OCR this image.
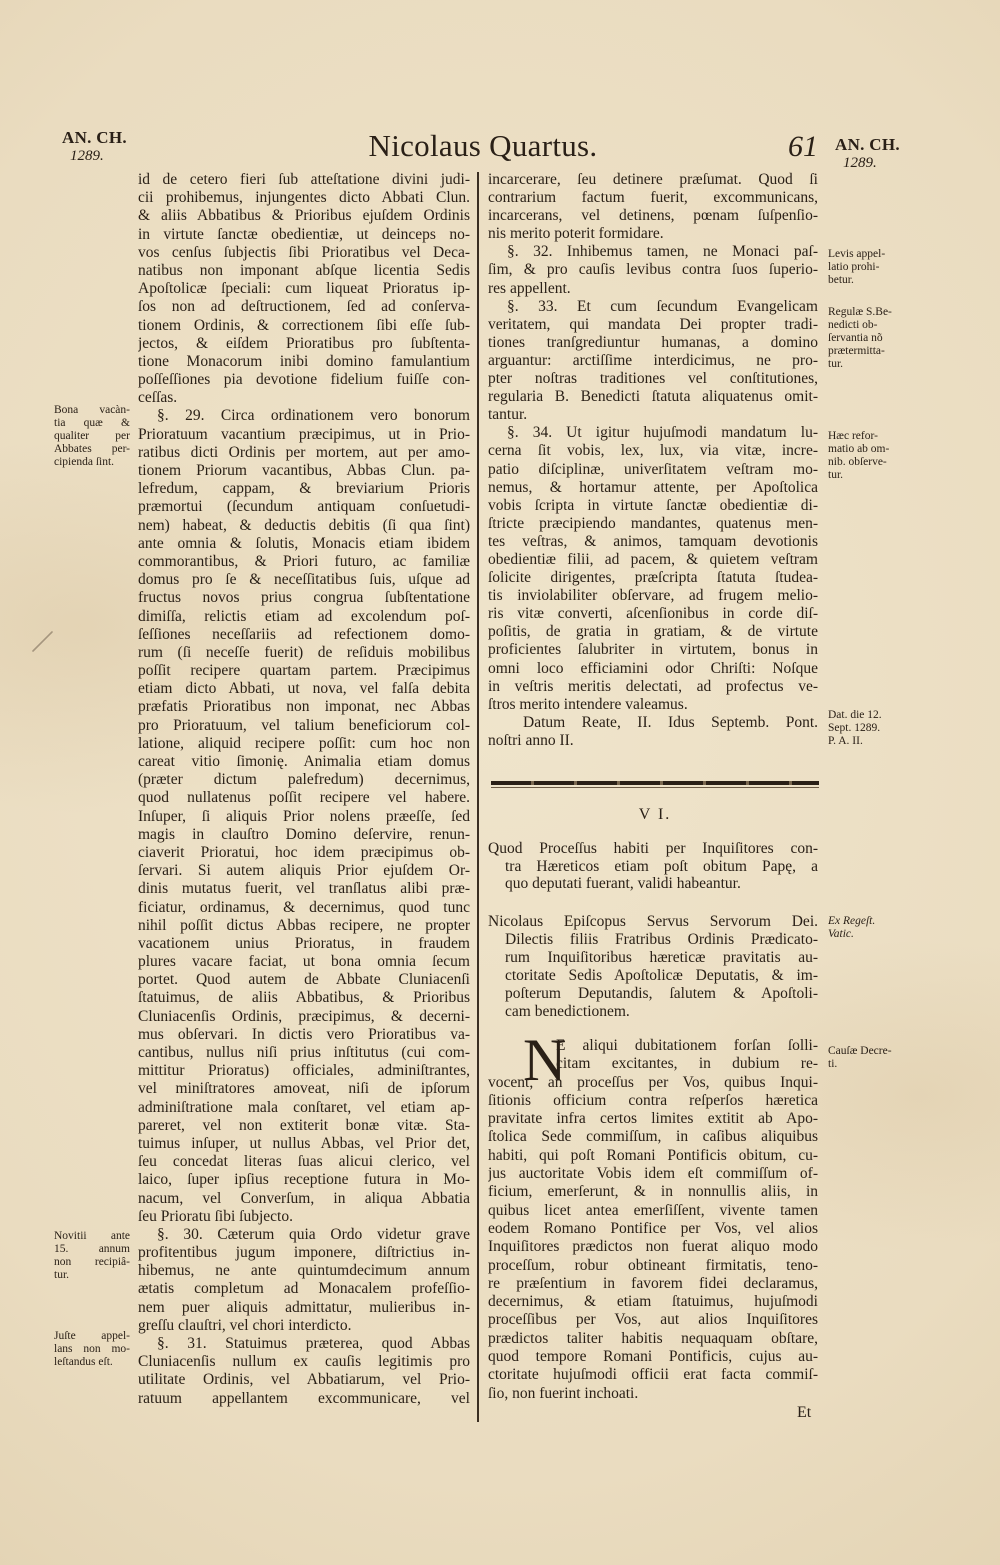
AN. CH.
1289.	Nicolaus Quartus.	61 AN. CH.
1289.
id de cetero fieri ſub atteſtatione divini judi-
cii prohibemus, injungentes dicto Abbati Clun.
& aliis Abbatibus & Prioribus ejuſdem Ordinis
in virtute ſanctæ obedientiæ, ut deinceps no-
vos cenſus ſubjectis ſibi Prioratibus vel Deca-
natibus non imponant abſque licentia Sedis
Apoſtolicæ ſpeciali: cum liqueat Prioratus ip-
ſos non ad deſtructionem, ſed ad conſerva-
tionem Ordinis, & correctionem ſibi eſſe ſub-
jectos, & eiſdem Prioratibus pro ſubſtenta-
tione Monacorum inibi domino famulantium
poſſeſſiones pia devotione fidelium fuiſſe con-
ceſſas.
§. 29. Circa ordinationem vero bonorum
Prioratuum vacantium præcipimus, ut in Prio-
ratibus dicti Ordinis per mortem, aut per amo-
tionem Priorum vacantibus, Abbas Clun. pa-
lefredum, cappam, & breviarium Prioris
præmortui (ſecundum antiquam conſuetudi-
nem) habeat, & deductis debitis (ſi qua ſint)
ante omnia & ſolutis, Monacis etiam ibidem
commorantibus, & Priori futuro, ac familiæ
domus pro ſe & neceſſitatibus ſuis, uſque ad
fructus novos prius congrua ſubſtentatione
dimiſſa, relictis etiam ad excolendum poſ-
ſeſſiones neceſſariis ad refectionem domo-
rum (ſi neceſſe fuerit) de reſiduis mobilibus
poſſit recipere quartam partem. Præcipimus
etiam dicto Abbati, ut nova, vel falſa debita
præfatis Prioratibus non imponat, nec Abbas
pro Prioratuum, vel talium beneficiorum col-
latione, aliquid recipere poſſit: cum hoc non
careat vitio ſimonię. Animalia etiam domus
(præter dictum palefredum) decernimus,
quod nullatenus poſſit recipere vel habere.
Inſuper, ſi aliquis Prior nolens præeſſe, ſed
magis in clauſtro Domino deſervire, renun-
ciaverit Prioratui, hoc idem præcipimus ob-
ſervari. Si autem aliquis Prior ejuſdem Or-
dinis mutatus fuerit, vel tranſlatus alibi præ-
ficiatur, ordinamus, & decernimus, quod tunc
nihil poſſit dictus Abbas recipere, ne propter
vacationem unius Prioratus, in fraudem
plures vacare faciat, ut bona omnia ſecum
portet. Quod autem de Abbate Cluniacenſi
ſtatuimus, de aliis Abbatibus, & Prioribus
Cluniacenſis Ordinis, præcipimus, & decerni-
mus obſervari. In dictis vero Prioratibus va-
cantibus, nullus niſi prius inſtitutus (cui com-
mittitur Prioratus) officiales, adminiſtrantes,
vel miniſtratores amoveat, niſi de ipſorum
adminiſtratione mala conſtaret, vel etiam ap-
pareret, vel non extiterit bonæ vitæ. Sta-
tuimus inſuper, ut nullus Abbas, vel Prior det,
ſeu concedat literas ſuas alicui clerico, vel
laico, ſuper ipſius receptione futura in Mo-
nacum, vel Converſum, in aliqua Abbatia
ſeu Prioratu ſibi ſubjecto.
§. 30. Cæterum quia Ordo videtur grave
profitentibus jugum imponere, diſtrictius in-
hibemus, ne ante quintumdecimum annum
ætatis completum ad Monacalem profeſſio-
nem puer aliquis admittatur, mulieribus in-
greſſu clauſtri, vel chori interdicto.
§. 31. Statuimus præterea, quod Abbas
Cluniacenſis nullum ex cauſis legitimis pro
utilitate Ordinis, vel Abbatiarum, vel Prio-
ratuum appellantem excommunicare, vel
incarcerare, ſeu detinere præſumat. Quod ſi
contrarium factum fuerit, excommunicans,
incarcerans, vel detinens, pœnam ſuſpenſio-
nis merito poterit formidare.
§. 32. Inhibemus tamen, ne Monaci paſ-
ſim, & pro cauſis levibus contra ſuos ſuperio-
res appellent.
§. 33. Et cum ſecundum Evangelicam
veritatem, qui mandata Dei propter tradi-
tiones tranſgrediuntur humanas, a domino
arguantur: arctiſſime interdicimus, ne pro-
pter noſtras traditiones vel conſtitutiones,
regularia B. Benedicti ſtatuta aliquatenus omit-
tantur.
§. 34. Ut igitur hujuſmodi mandatum lu-
cerna ſit vobis, lex, lux, via vitæ, incre-
patio diſciplinæ, univerſitatem veſtram mo-
nemus, & hortamur attente, per Apoſtolica
vobis ſcripta in virtute ſanctæ obedientiæ di-
ſtricte præcipiendo mandantes, quatenus men-
tes veſtras, & animos, tamquam devotionis
obedientiæ filii, ad pacem, & quietem veſtram
ſolicite dirigentes, præſcripta ſtatuta ſtudea-
tis inviolabiliter obſervare, ad frugem melio-
ris vitæ converti, aſcenſionibus in corde diſ-
poſitis, de gratia in gratiam, & de virtute
proficientes ſalubriter in virtutem, bonus in
omni loco efficiamini odor Chriſti: Noſque
in veſtris meritis delectati, ad profectus ve-
ſtros merito intendere valeamus.
Datum Reate, II. Idus Septemb. Pont.
noſtri anno II.
V I.
Quod Proceſſus habiti per Inquiſitores con-
tra Hæreticos etiam poſt obitum Papę, a
quo deputati fuerant, validi habeantur.
Nicolaus Epiſcopus Servus Servorum Dei.
Dilectis filiis Fratribus Ordinis Prædicato-
rum Inquiſitoribus hæreticæ pravitatis au-
ctoritate Sedis Apoſtolicæ Deputatis, & im-
poſterum Deputandis, ſalutem & Apoſtoli-
cam benedictionem.
N
E aliqui dubitationem forſan ſolli-
citam excitantes, in dubium re-
vocent, an proceſſus per Vos, quibus Inqui-
ſitionis officium contra reſperſos hæretica
pravitate infra certos limites extitit ab Apo-
ſtolica Sede commiſſum, in caſibus aliquibus
habiti, qui poſt Romani Pontificis obitum, cu-
jus auctoritate Vobis idem eſt commiſſum of-
ficium, emerſerunt, & in nonnullis aliis, in
quibus licet antea emerſiſſent, vivente tamen
eodem Romano Pontifice per Vos, vel alios
Inquiſitores prædictos non fuerat aliquo modo
proceſſum, robur obtineant firmitatis, teno-
re præſentium in favorem fidei declaramus,
decernimus, & etiam ſtatuimus, hujuſmodi
proceſſibus per Vos, aut alios Inquiſitores
prædictos taliter habitis nequaquam obſtare,
quod tempore Romani Pontificis, cujus au-
ctoritate hujuſmodi officii erat facta commiſ-
ſio, non fuerint inchoati.
Et
Bona vacàn-
tia quæ &
qualiter per
Abbates per-
cipienda ſint.
Novitii ante
15. annum
non recipiâ-
tur.
Juſte appel-
lans non mo-
leſtandus eſt.
Levis appel-
latio prohi-
betur.
Regulæ S.Be-
nedicti ob-
ſervantia nõ
prætermitta-
tur.
Hæc refor-
matio ab om-
nib. obſerve-
tur.
Dat. die 12.
Sept. 1289.
P. A. II.
Ex Regeſt.
Vatic.
Cauſæ Decre-
ti.
